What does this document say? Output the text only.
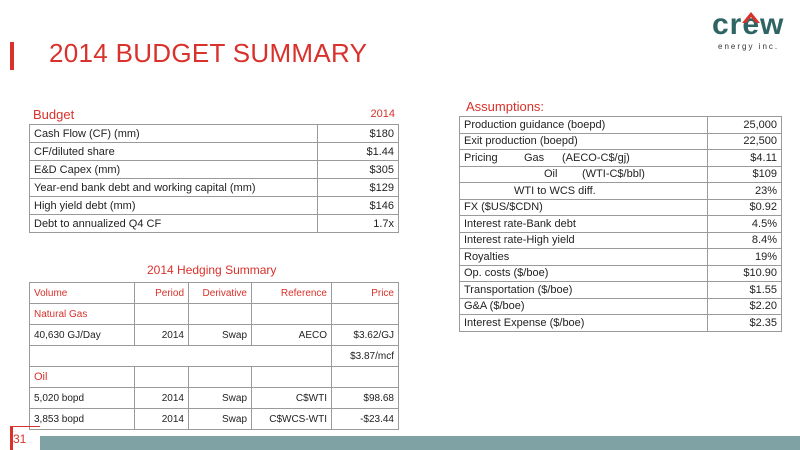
2014 BUDGET SUMMARY
crew
energy inc.
Budget	2014
Cash Flow (CF) (mm)	$180
CF/diluted share	$1.44
E&D Capex (mm)	$305
Year-end bank debt and working capital (mm)	$129
High yield debt (mm)	$146
Debt to annualized Q4 CF	1.7x
2014 Hedging Summary
Volume	Period	Derivative	Reference	Price
Natural Gas				
40,630 GJ/Day	2014	Swap	AECO	$3.62/GJ
				$3.87/mcf
Oil				
5,020 bopd	2014	Swap	C$WTI	$98.68
3,853 bopd	2014	Swap	C$WCS-WTI	-$23.44
Assumptions:
Production guidance (boepd)	25,000
Exit production (boepd)	22,500
Pricing Gas (AECO-C$/gj)	$4.11
Oil (WTI-C$/bbl)	$109
WTI to WCS diff.	23%
FX ($US/$CDN)	$0.92
Interest rate-Bank debt	4.5%
Interest rate-High yield	8.4%
Royalties	19%
Op. costs ($/boe)	$10.90
Transportation ($/boe)	$1.55
G&A ($/boe)	$2.20
Interest Expense ($/boe)	$2.35
31
